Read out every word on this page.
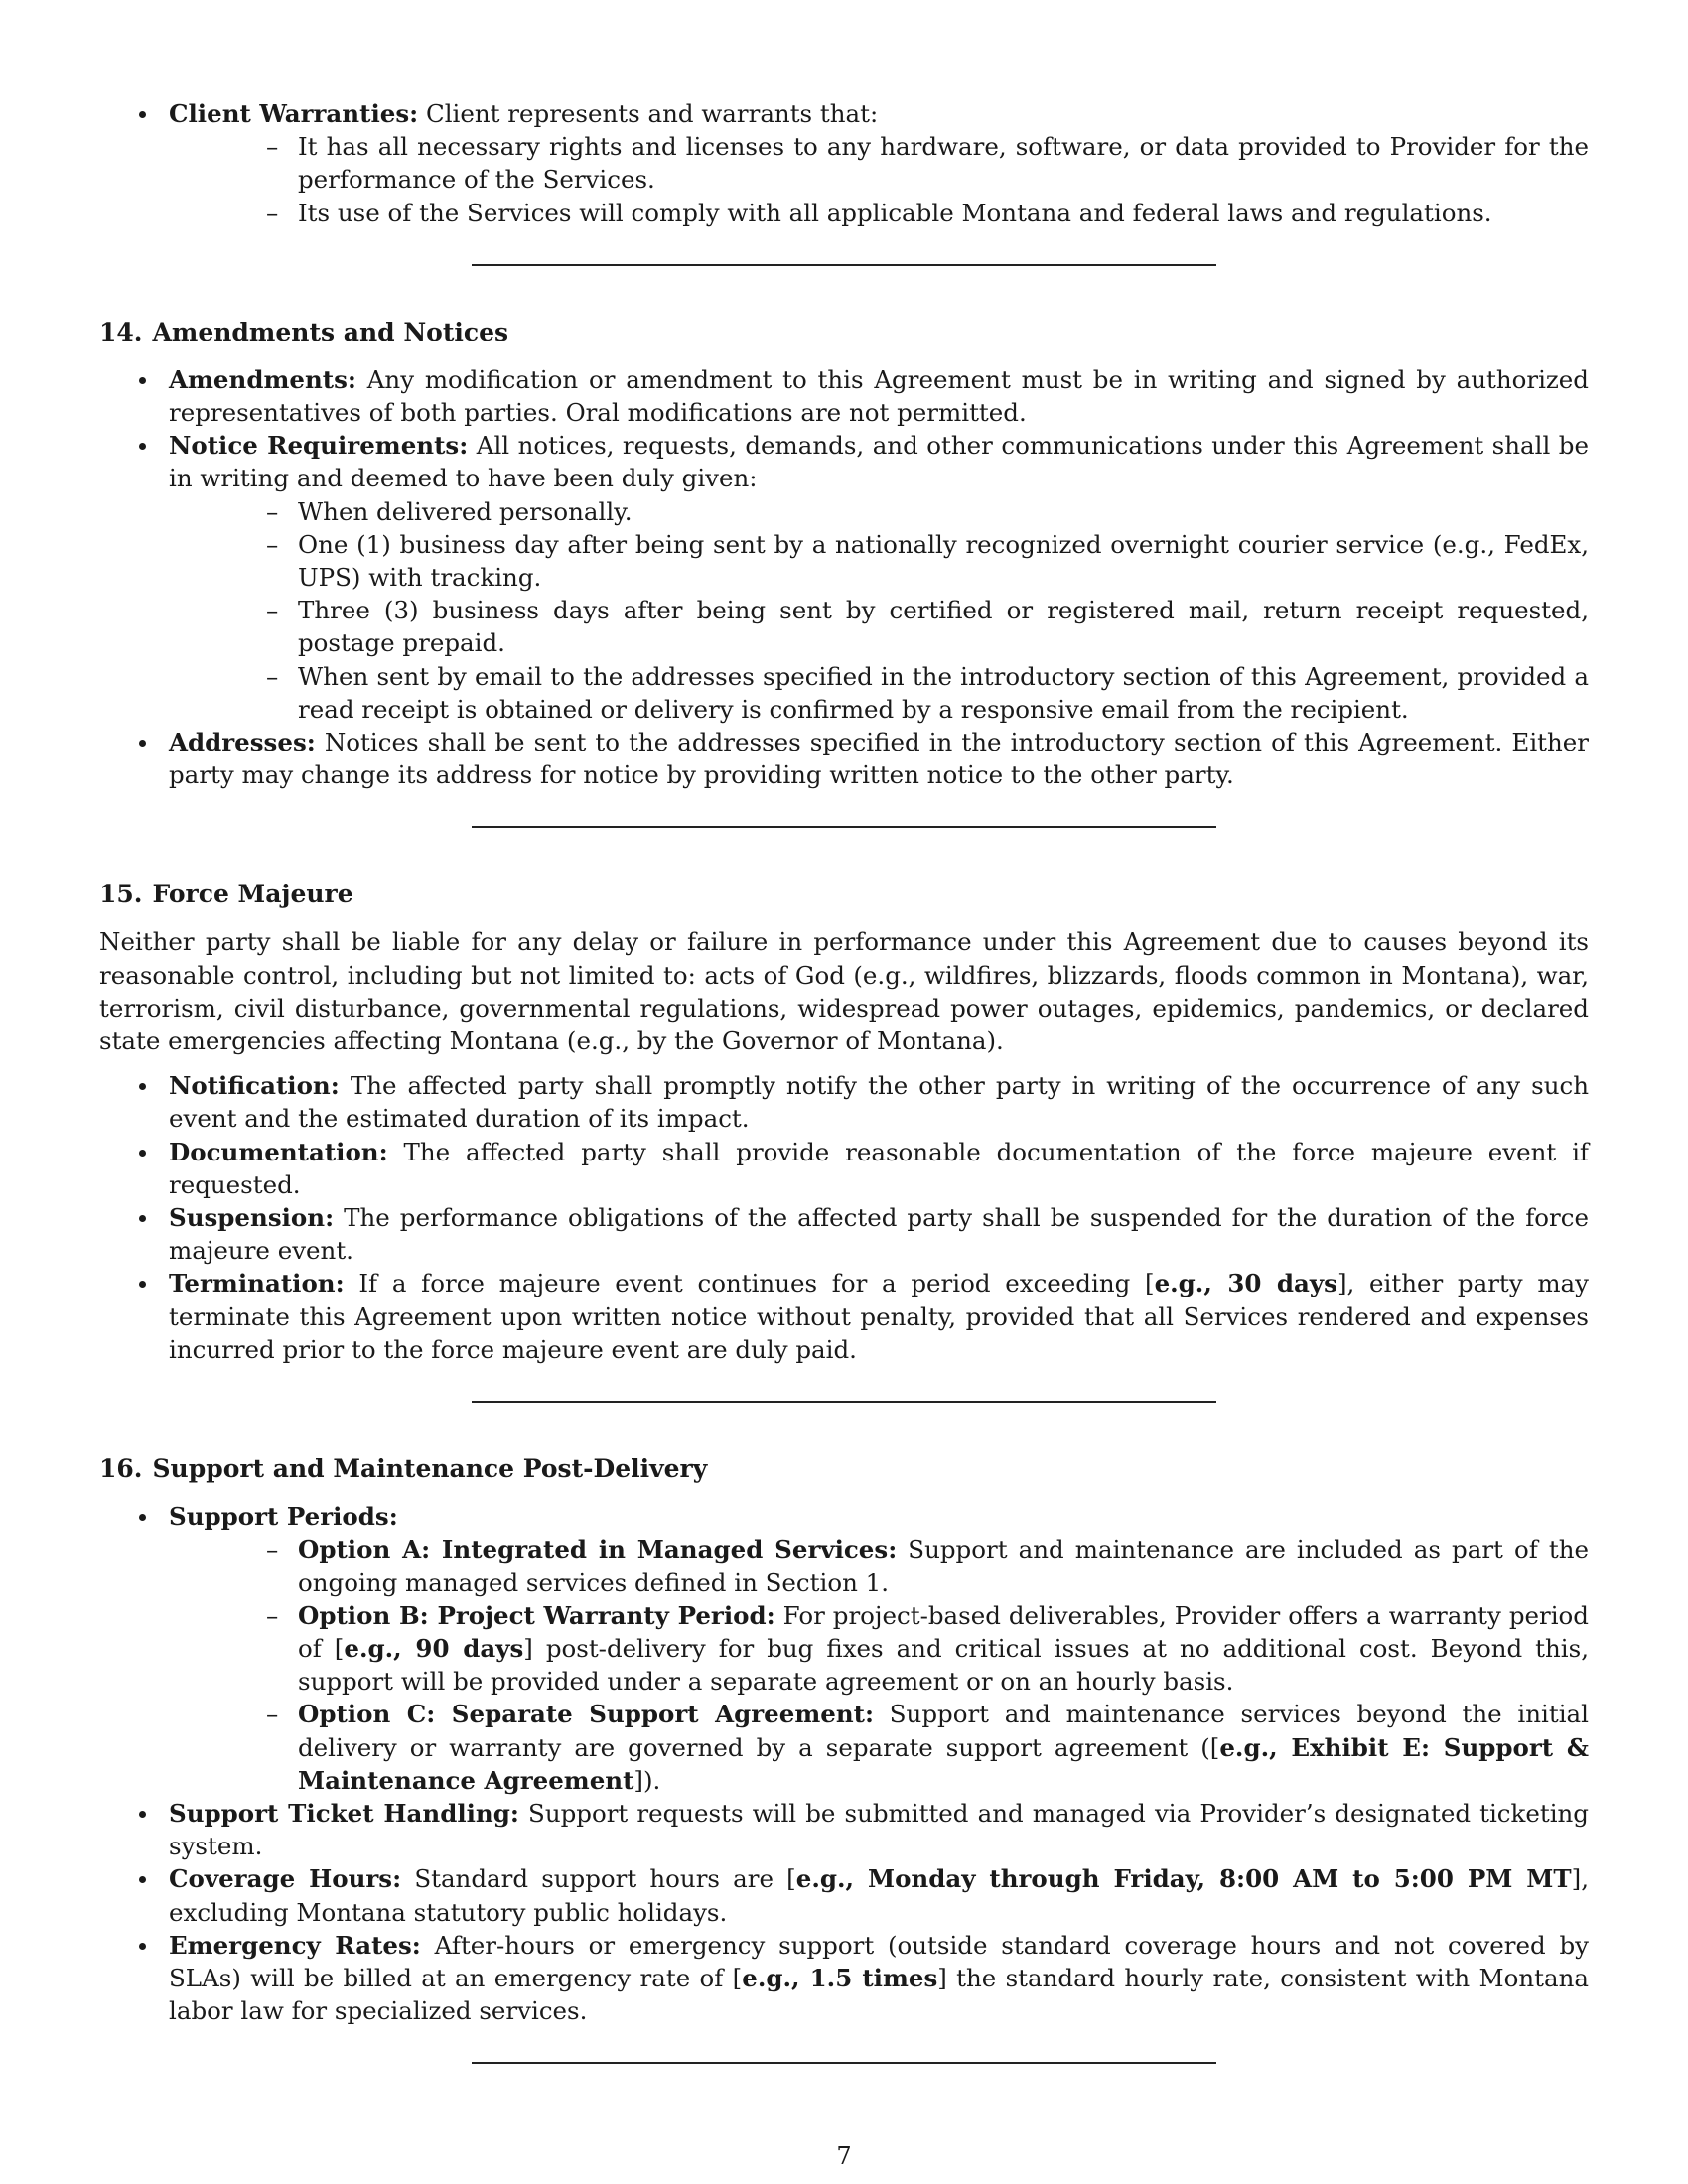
Client Warranties: Client represents and warrants that:

– It has all necessary rights and licenses to any hardware, software, or data provided to Provider for the performance of the Services.

– Its use of the Services will comply with all applicable Montana and federal laws and regulations.

14. Amendments and Notices

Amendments: Any modification or amendment to this Agreement must be in writing and signed by authorized representatives of both parties. Oral modifications are not permitted.

Notice Requirements: All notices, requests, demands, and other communications under this Agreement shall be in writing and deemed to have been duly given:

– When delivered personally.

– One (1) business day after being sent by a nationally recognized overnight courier service (e.g., FedEx, UPS) with tracking.

– Three (3) business days after being sent by certified or registered mail, return receipt requested, postage prepaid.

– When sent by email to the addresses specified in the introductory section of this Agreement, provided a read receipt is obtained or delivery is confirmed by a responsive email from the recipient.

Addresses: Notices shall be sent to the addresses specified in the introductory section of this Agreement. Either party may change its address for notice by providing written notice to the other party.

15. Force Majeure

Neither party shall be liable for any delay or failure in performance under this Agreement due to causes beyond its reasonable control, including but not limited to: acts of God (e.g., wildfires, blizzards, floods common in Montana), war, terrorism, civil disturbance, governmental regulations, widespread power outages, epidemics, pandemics, or declared state emergencies affecting Montana (e.g., by the Governor of Montana).

Notification: The affected party shall promptly notify the other party in writing of the occurrence of any such event and the estimated duration of its impact.

Documentation: The affected party shall provide reasonable documentation of the force majeure event if requested.

Suspension: The performance obligations of the affected party shall be suspended for the duration of the force majeure event.

Termination: If a force majeure event continues for a period exceeding [e.g., 30 days], either party may terminate this Agreement upon written notice without penalty, provided that all Services rendered and expenses incurred prior to the force majeure event are duly paid.

16. Support and Maintenance Post-Delivery

Support Periods:

– Option A: Integrated in Managed Services: Support and maintenance are included as part of the ongoing managed services defined in Section 1.

– Option B: Project Warranty Period: For project-based deliverables, Provider offers a warranty period of [e.g., 90 days] post-delivery for bug fixes and critical issues at no additional cost. Beyond this, support will be provided under a separate agreement or on an hourly basis.

– Option C: Separate Support Agreement: Support and maintenance services beyond the initial delivery or warranty are governed by a separate support agreement ([e.g., Exhibit E: Support & Maintenance Agreement]).

Support Ticket Handling: Support requests will be submitted and managed via Provider’s designated ticketing system.

Coverage Hours: Standard support hours are [e.g., Monday through Friday, 8:00 AM to 5:00 PM MT], excluding Montana statutory public holidays.

Emergency Rates: After-hours or emergency support (outside standard coverage hours and not covered by SLAs) will be billed at an emergency rate of [e.g., 1.5 times] the standard hourly rate, consistent with Montana labor law for specialized services.

7
